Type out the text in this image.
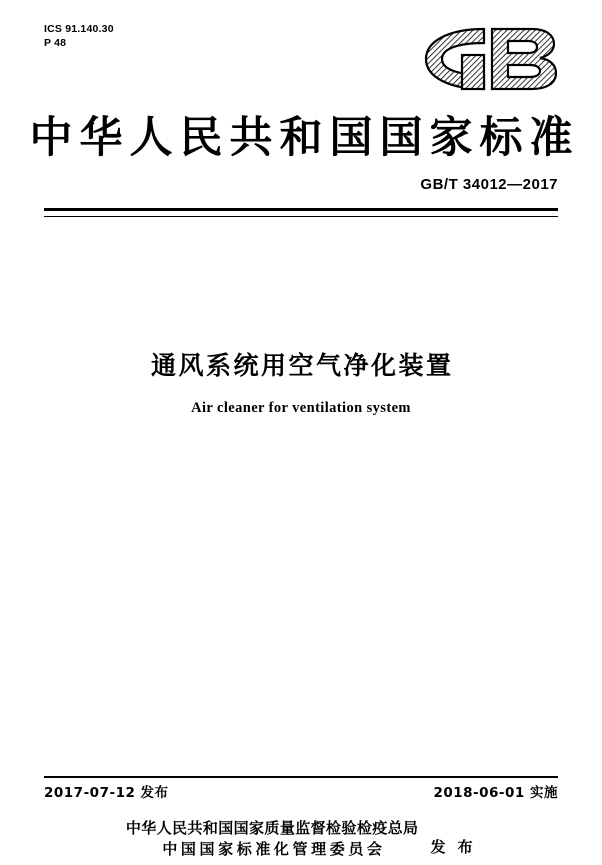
ICS 91.140.30
P 48
中华人民共和国国家标准
GB/T 34012—2017
通风系统用空气净化装置
Air cleaner for ventilation system
2017-07-12 发布	2018-06-01 实施
中华人民共和国国家质量监督检验检疫总局
中国国家标准化管理委员会	发 布
